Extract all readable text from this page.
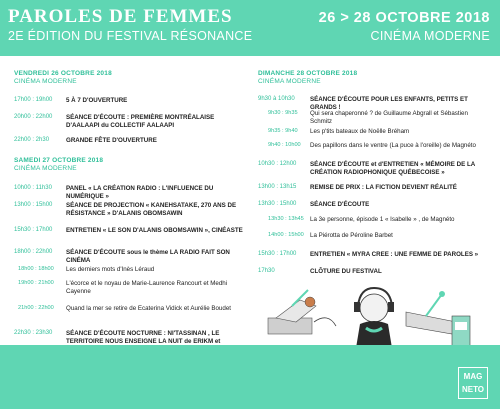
PAROLES DE FEMMES
2E ÉDITION DU FESTIVAL RÉSONANCE
26 > 28 OCTOBRE 2018
CINÉMA MODERNE
VENDREDI 26 OCTOBRE 2018
CINÉMA MODERNE
17h00 : 19h00	5 À 7 D'OUVERTURE
20h00 : 22h00	SÉANCE D'ÉCOUTE : PREMIÈRE MONTRÉALAISE D'AALAAPI du COLLECTIF AALAAPI
22h00 : 2h30	GRANDE FÊTE D'OUVERTURE
SAMEDI 27 OCTOBRE 2018
CINÉMA MODERNE
10h00 : 11h30	PANEL « LA CRÉATION RADIO : L'INFLUENCE DU NUMÉRIQUE »
13h00 : 15h00	SÉANCE DE PROJECTION « KANEHSATAKE, 270 ANS DE RÉSISTANCE » D'ALANIS OBOMSAWIN
15h30 : 17h00	ENTRETIEN « LE SON D'ALANIS OBOMSAWIN », CINÉASTE
18h00 : 22h00	SÉANCE D'ÉCOUTE sous le thème LA RADIO FAIT SON CINÉMA
18h00 : 18h00	Les derniers mots d'Inès Léraud
19h00 : 21h00	L'écorce et le noyau de Marie-Laurence Rancourt et Medhi Cayenne
21h00 : 22h00	Quand la mer se retire de Ecaterina Vidick et Aurélie Boudet
22h30 : 23h30	SÉANCE D'ÉCOUTE NOCTURNE : NI'TASSINAN , LE TERRITOIRE NOUS ENSEIGNE LA NUIT de ERIKM et
DIMANCHE 28 OCTOBRE 2018
CINÉMA MODERNE
9h30 à 10h30	SÉANCE D'ÉCOUTE POUR LES ENFANTS, PETITS ET GRANDS !
9h30 : 9h35	Qui sera chaperonné ? de Guillaume Abgrall et Sébastien Schmitz
9h35 : 9h40	Les p'tits bateaux de Noëlle Bréham
9h40 : 10h00	Des papillons dans le ventre (La puce à l'oreille) de Magnéto
10h30 : 12h00	SÉANCE D'ÉCOUTE et d'ENTRETIEN « MÉMOIRE DE LA CRÉATION RADIOPHONIQUE QUÉBECOISE »
13h00 : 13h15	REMISE DE PRIX : LA FICTION DEVIENT RÉALITÉ
13h30 : 15h00	SÉANCE D'ÉCOUTE
13h30 : 13h45	La 3e personne, épisode 1 « Isabelle » , de Magnéto
14h00 : 15h00	La Piérotta de Péroline Barbet
15h30 : 17h00	ENTRETIEN « MYRA CREE : UNE FEMME DE PAROLES »
17h30	CLÔTURE DU FESTIVAL
MAG
NETO
